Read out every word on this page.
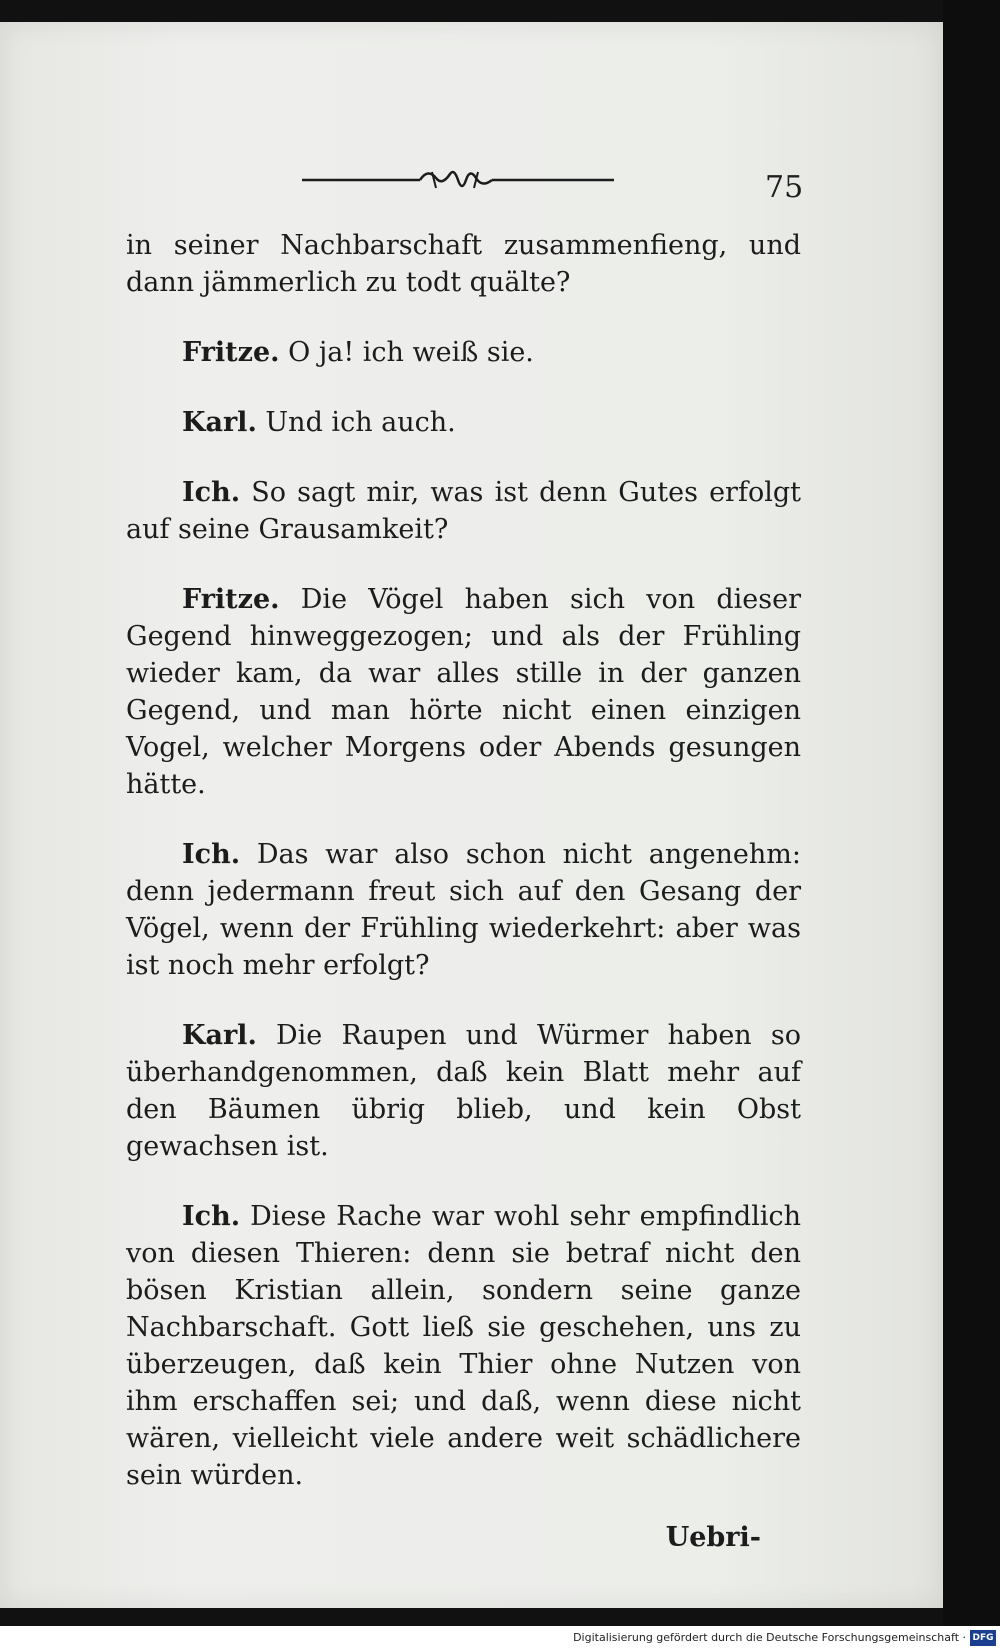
75

in seiner Nachbarschaft zusammenfieng, und dann jämmerlich zu todt quälte?

Fritze. O ja! ich weiß sie.

Karl. Und ich auch.

Ich. So sagt mir, was ist denn Gutes erfolgt auf seine Grausamkeit?

Fritze. Die Vögel haben sich von dieser Gegend hinweggezogen; und als der Frühling wieder kam, da war alles stille in der ganzen Gegend, und man hörte nicht einen einzigen Vogel, welcher Morgens oder Abends gesungen hätte.

Ich. Das war also schon nicht angenehm: denn jedermann freut sich auf den Gesang der Vögel, wenn der Frühling wiederkehrt: aber was ist noch mehr erfolgt?

Karl. Die Raupen und Würmer haben so überhandgenommen, daß kein Blatt mehr auf den Bäumen übrig blieb, und kein Obst gewachsen ist.

Ich. Diese Rache war wohl sehr empfindlich von diesen Thieren: denn sie betraf nicht den bösen Kristian allein, sondern seine ganze Nachbarschaft. Gott ließ sie geschehen, uns zu überzeugen, daß kein Thier ohne Nutzen von ihm erschaffen sei; und daß, wenn diese nicht wären, vielleicht viele andere weit schädlichere sein würden.

Uebri-
Digitalisierung gefördert durch die Deutsche Forschungsgemeinschaft · DFG
